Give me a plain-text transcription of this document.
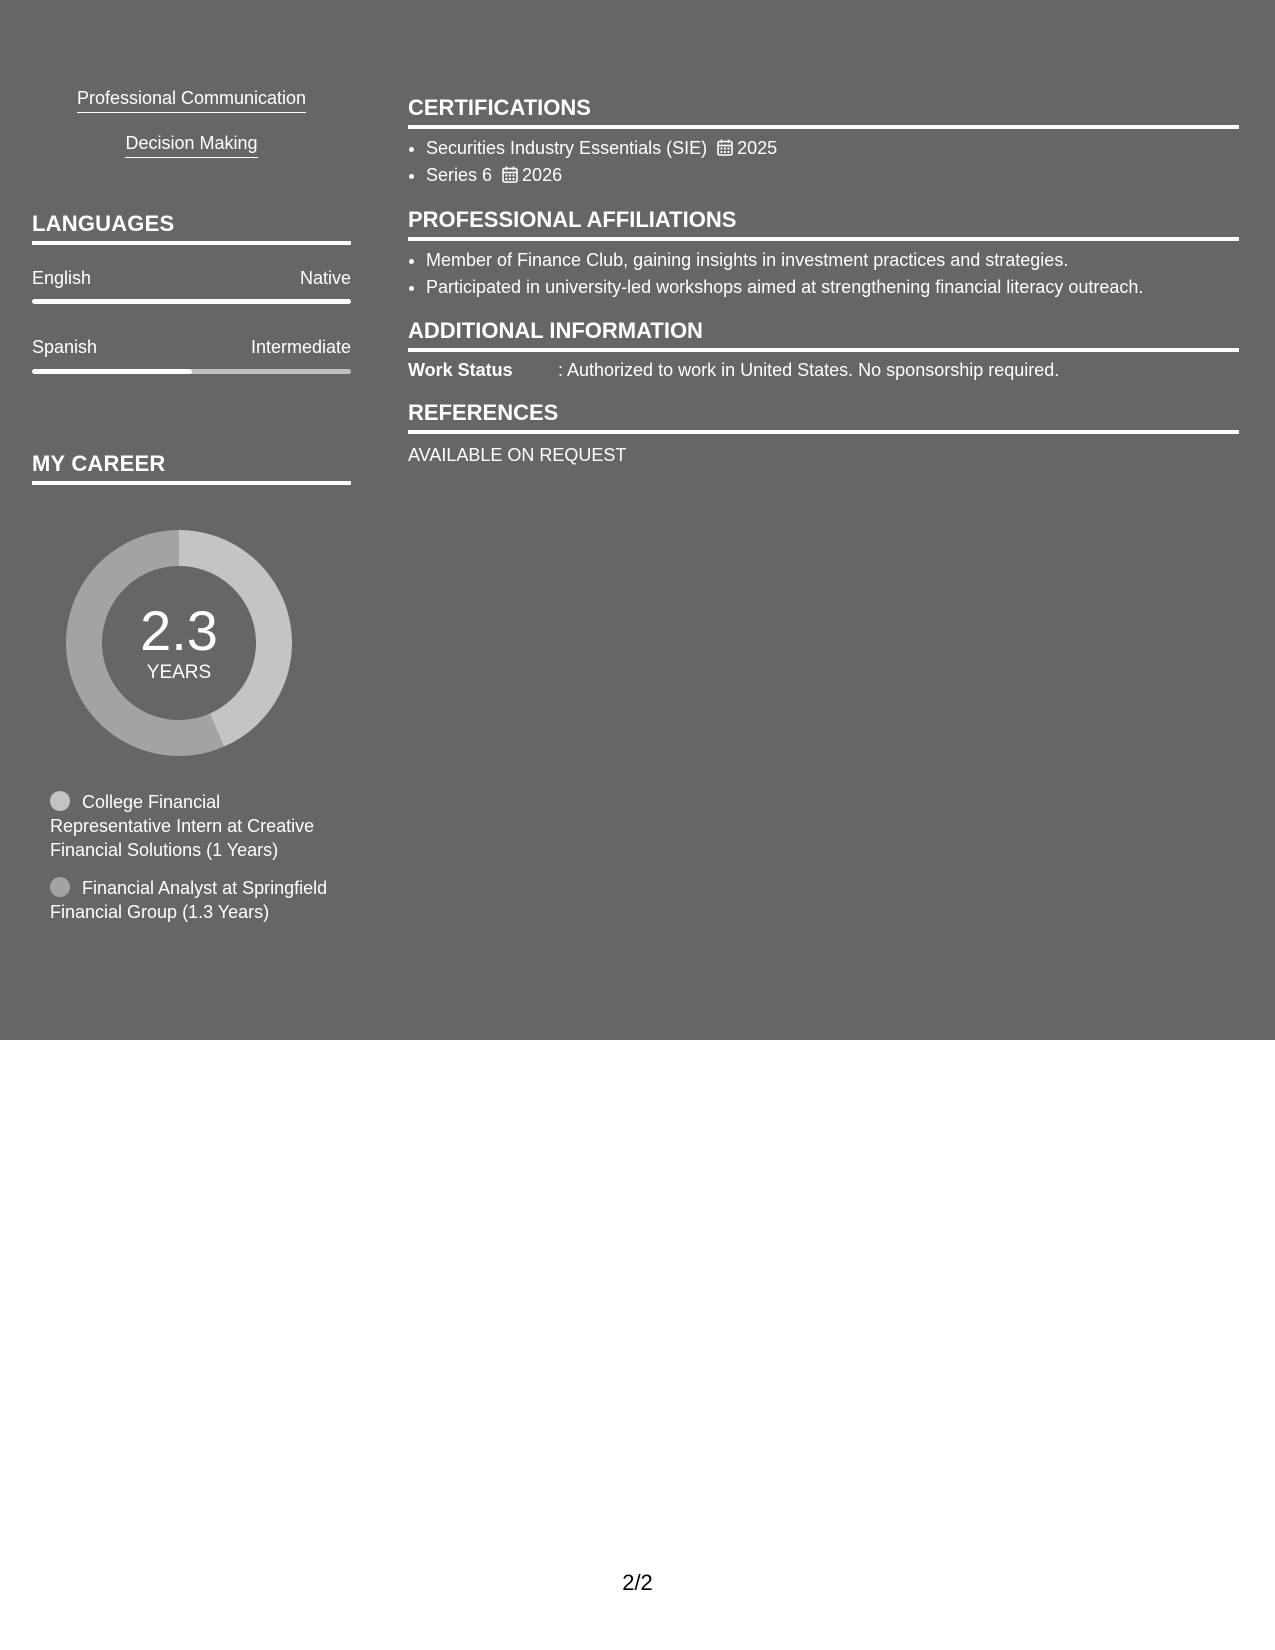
Professional Communication
Decision Making
LANGUAGES
English	Native
Spanish	Intermediate
MY CAREER
2.3
YEARS
College Financial Representative Intern at Creative Financial Solutions (1 Years)
Financial Analyst at Springfield Financial Group (1.3 Years)
CERTIFICATIONS
• Securities Industry Essentials (SIE) 2025
• Series 6 2026
PROFESSIONAL AFFILIATIONS
• Member of Finance Club, gaining insights in investment practices and strategies.
• Participated in university-led workshops aimed at strengthening financial literacy outreach.
ADDITIONAL INFORMATION
Work Status	: Authorized to work in United States. No sponsorship required.
REFERENCES
AVAILABLE ON REQUEST
2/2
